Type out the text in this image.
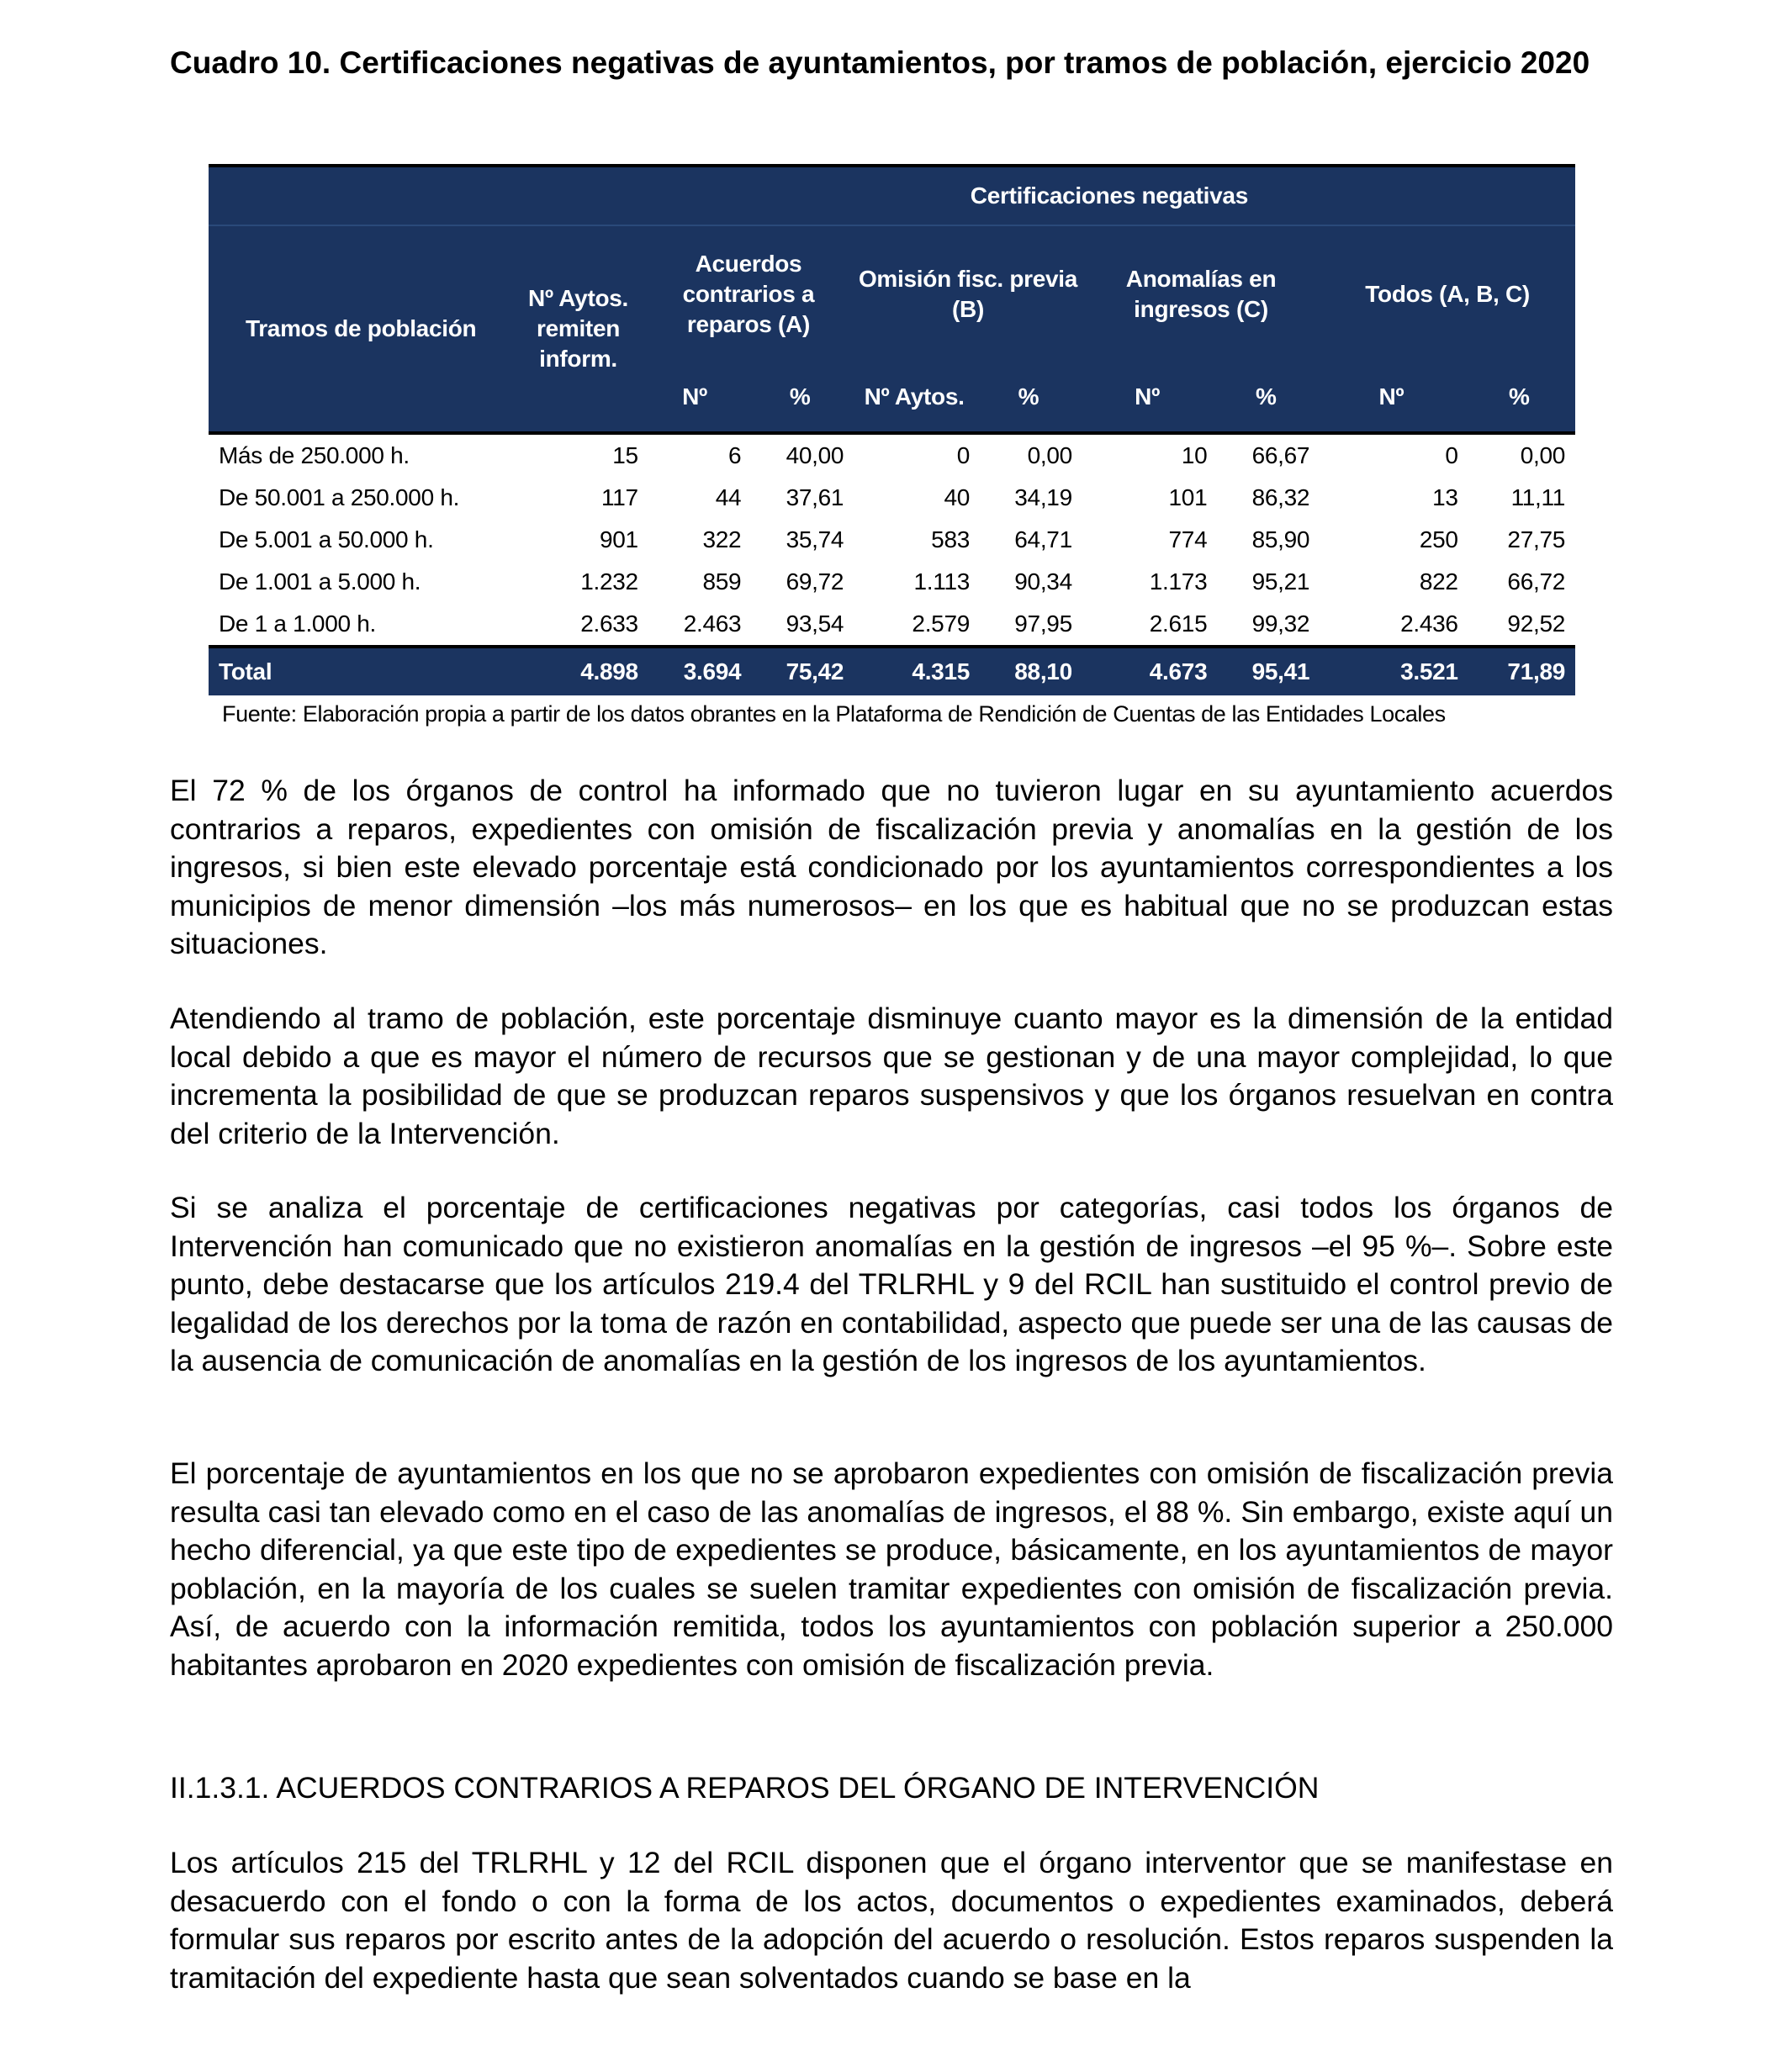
Cuadro 10. Certificaciones negativas de ayuntamientos, por tramos de población, ejercicio 2020
		Certificaciones negativas							
Tramos de población	Nº Aytos. remiten inform.	Acuerdos contrarios a reparos (A)		Omisión fisc. previa (B)		Anomalías en ingresos (C)		Todos (A, B, C)	
		Nº	%	Nº Aytos.	%	Nº	%	Nº	%
Más de 250.000 h.	15	6	40,00	0	0,00	10	66,67	0	0,00
De 50.001 a 250.000 h.	117	44	37,61	40	34,19	101	86,32	13	11,11
De 5.001 a 50.000 h.	901	322	35,74	583	64,71	774	85,90	250	27,75
De 1.001 a 5.000 h.	1.232	859	69,72	1.113	90,34	1.173	95,21	822	66,72
De 1 a 1.000 h.	2.633	2.463	93,54	2.579	97,95	2.615	99,32	2.436	92,52
Total	4.898	3.694	75,42	4.315	88,10	4.673	95,41	3.521	71,89
Fuente: Elaboración propia a partir de los datos obrantes en la Plataforma de Rendición de Cuentas de las Entidades Locales
El 72 % de los órganos de control ha informado que no tuvieron lugar en su ayuntamiento acuerdos contrarios a reparos, expedientes con omisión de fiscalización previa y anomalías en la gestión de los ingresos, si bien este elevado porcentaje está condicionado por los ayuntamientos correspondientes a los municipios de menor dimensión –los más numerosos– en los que es habitual que no se produzcan estas situaciones.
Atendiendo al tramo de población, este porcentaje disminuye cuanto mayor es la dimensión de la entidad local debido a que es mayor el número de recursos que se gestionan y de una mayor complejidad, lo que incrementa la posibilidad de que se produzcan reparos suspensivos y que los órganos resuelvan en contra del criterio de la Intervención.
Si se analiza el porcentaje de certificaciones negativas por categorías, casi todos los órganos de Intervención han comunicado que no existieron anomalías en la gestión de ingresos –el 95 %–. Sobre este punto, debe destacarse que los artículos 219.4 del TRLRHL y 9 del RCIL han sustituido el control previo de legalidad de los derechos por la toma de razón en contabilidad, aspecto que puede ser una de las causas de la ausencia de comunicación de anomalías en la gestión de los ingresos de los ayuntamientos.
El porcentaje de ayuntamientos en los que no se aprobaron expedientes con omisión de fiscalización previa resulta casi tan elevado como en el caso de las anomalías de ingresos, el 88 %. Sin embargo, existe aquí un hecho diferencial, ya que este tipo de expedientes se produce, básicamente, en los ayuntamientos de mayor población, en la mayoría de los cuales se suelen tramitar expedientes con omisión de fiscalización previa. Así, de acuerdo con la información remitida, todos los ayuntamientos con población superior a 250.000 habitantes aprobaron en 2020 expedientes con omisión de fiscalización previa.
II.1.3.1. ACUERDOS CONTRARIOS A REPAROS DEL ÓRGANO DE INTERVENCIÓN
Los artículos 215 del TRLRHL y 12 del RCIL disponen que el órgano interventor que se manifestase en desacuerdo con el fondo o con la forma de los actos, documentos o expedientes examinados, deberá formular sus reparos por escrito antes de la adopción del acuerdo o resolución. Estos reparos suspenden la tramitación del expediente hasta que sean solventados cuando se base en la
